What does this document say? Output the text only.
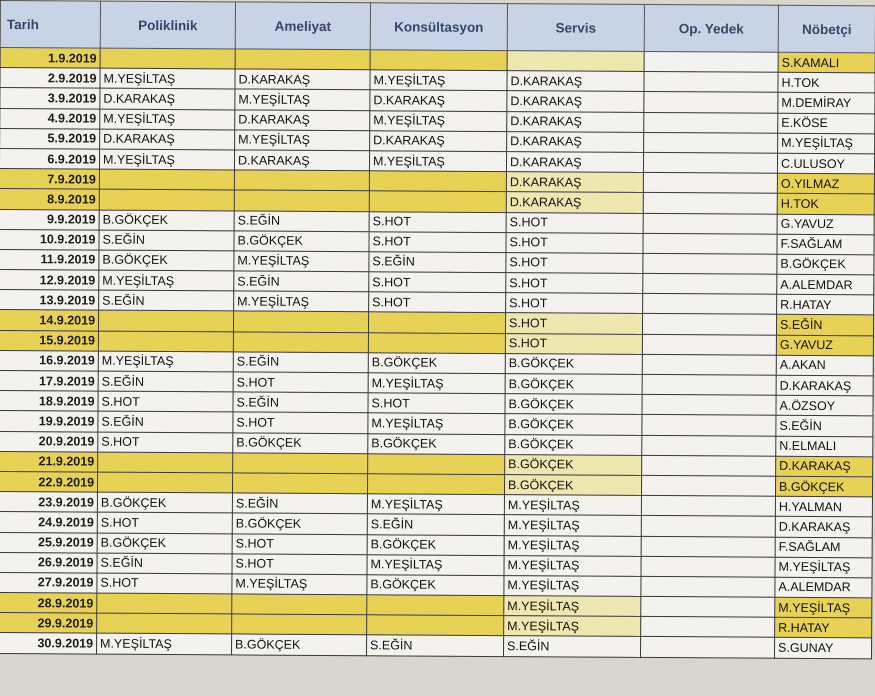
Tarih	Poliklinik	Ameliyat	Konsültasyon	Servis	Op. Yedek	Nöbetçi
1.9.2019						S.KAMALI
2.9.2019	M.YEŞİLTAŞ	D.KARAKAŞ	M.YEŞİLTAŞ	D.KARAKAŞ		H.TOK
3.9.2019	D.KARAKAŞ	M.YEŞİLTAŞ	D.KARAKAŞ	D.KARAKAŞ		M.DEMİRAY
4.9.2019	M.YEŞİLTAŞ	D.KARAKAŞ	M.YEŞİLTAŞ	D.KARAKAŞ		E.KÖSE
5.9.2019	D.KARAKAŞ	M.YEŞİLTAŞ	D.KARAKAŞ	D.KARAKAŞ		M.YEŞİLTAŞ
6.9.2019	M.YEŞİLTAŞ	D.KARAKAŞ	M.YEŞİLTAŞ	D.KARAKAŞ		C.ULUSOY
7.9.2019				D.KARAKAŞ		O.YILMAZ
8.9.2019				D.KARAKAŞ		H.TOK
9.9.2019	B.GÖKÇEK	S.EĞİN	S.HOT	S.HOT		G.YAVUZ
10.9.2019	S.EĞİN	B.GÖKÇEK	S.HOT	S.HOT		F.SAĞLAM
11.9.2019	B.GÖKÇEK	M.YEŞİLTAŞ	S.EĞİN	S.HOT		B.GÖKÇEK
12.9.2019	M.YEŞİLTAŞ	S.EĞİN	S.HOT	S.HOT		A.ALEMDAR
13.9.2019	S.EĞİN	M.YEŞİLTAŞ	S.HOT	S.HOT		R.HATAY
14.9.2019				S.HOT		S.EĞİN
15.9.2019				S.HOT		G.YAVUZ
16.9.2019	M.YEŞİLTAŞ	S.EĞİN	B.GÖKÇEK	B.GÖKÇEK		A.AKAN
17.9.2019	S.EĞİN	S.HOT	M.YEŞİLTAŞ	B.GÖKÇEK		D.KARAKAŞ
18.9.2019	S.HOT	S.EĞİN	S.HOT	B.GÖKÇEK		A.ÖZSOY
19.9.2019	S.EĞİN	S.HOT	M.YEŞİLTAŞ	B.GÖKÇEK		S.EĞİN
20.9.2019	S.HOT	B.GÖKÇEK	B.GÖKÇEK	B.GÖKÇEK		N.ELMALI
21.9.2019				B.GÖKÇEK		D.KARAKAŞ
22.9.2019				B.GÖKÇEK		B.GÖKÇEK
23.9.2019	B.GÖKÇEK	S.EĞİN	M.YEŞİLTAŞ	M.YEŞİLTAŞ		H.YALMAN
24.9.2019	S.HOT	B.GÖKÇEK	S.EĞİN	M.YEŞİLTAŞ		D.KARAKAŞ
25.9.2019	B.GÖKÇEK	S.HOT	B.GÖKÇEK	M.YEŞİLTAŞ		F.SAĞLAM
26.9.2019	S.EĞİN	S.HOT	M.YEŞİLTAŞ	M.YEŞİLTAŞ		M.YEŞİLTAŞ
27.9.2019	S.HOT	M.YEŞİLTAŞ	B.GÖKÇEK	M.YEŞİLTAŞ		A.ALEMDAR
28.9.2019				M.YEŞİLTAŞ		M.YEŞİLTAŞ
29.9.2019				M.YEŞİLTAŞ		R.HATAY
30.9.2019	M.YEŞİLTAŞ	B.GÖKÇEK	S.EĞİN	S.EĞİN		S.GUNAY
